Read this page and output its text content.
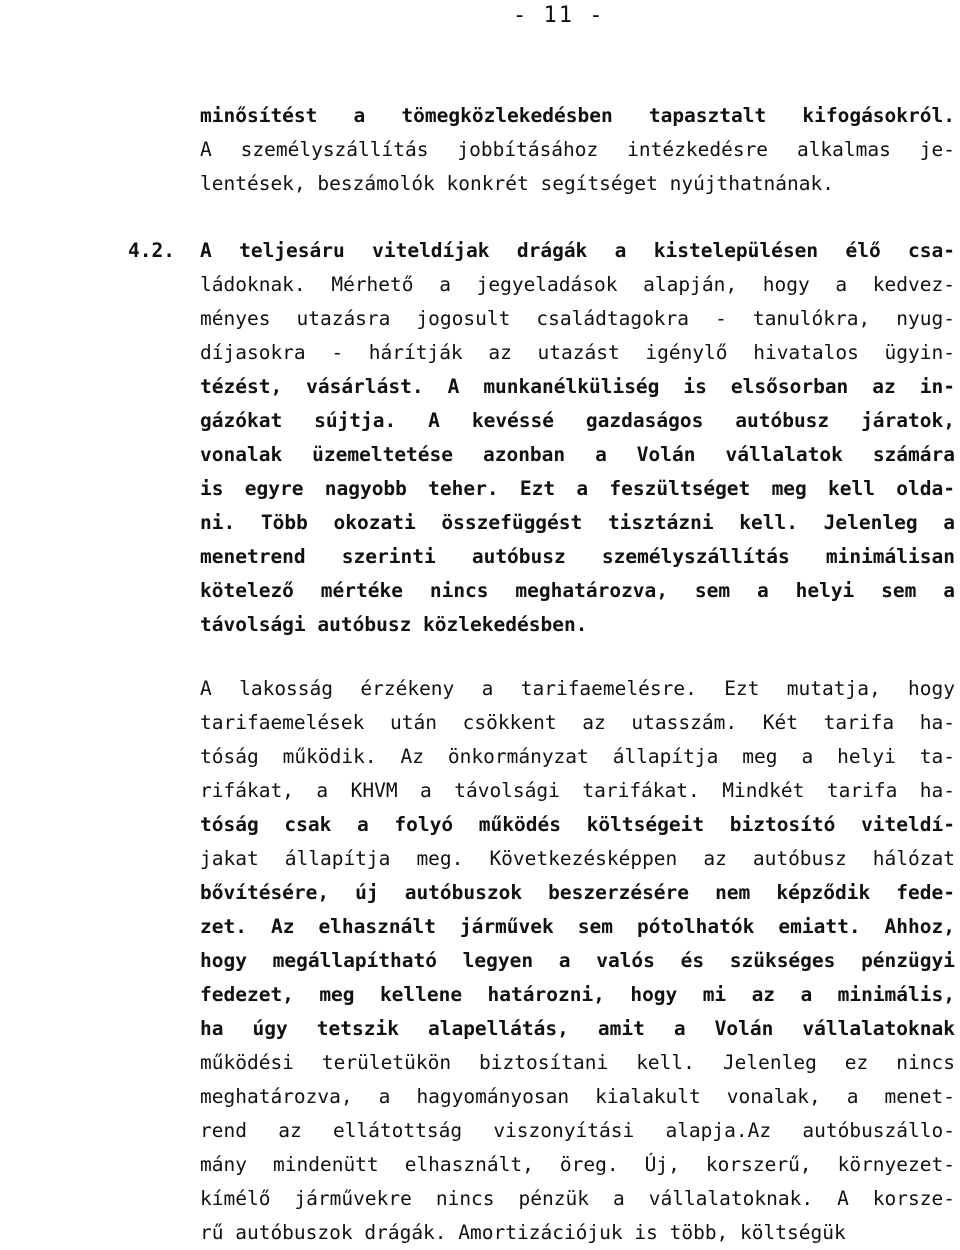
- 11 -
minősítést a tömegközlekedésben tapasztalt kifogásokról.
A személyszállítás jobbításához intézkedésre alkalmas je-
lentések, beszámolók konkrét segítséget nyújthatnának.
4.2.	A teljesáru viteldíjak drágák a kistelepülésen élő csa-
ládoknak. Mérhető a jegyeladások alapján, hogy a kedvez-
ményes utazásra jogosult családtagokra - tanulókra, nyug-
díjasokra - hárítják az utazást igénylő hivatalos ügyin-
tézést, vásárlást. A munkanélküliség is elsősorban az in-
gázókat sújtja. A kevéssé gazdaságos autóbusz járatok,
vonalak üzemeltetése azonban a Volán vállalatok számára
is egyre nagyobb teher. Ezt a feszültséget meg kell olda-
ni. Több okozati összefüggést tisztázni kell. Jelenleg a
menetrend szerinti autóbusz személyszállítás minimálisan
kötelező mértéke nincs meghatározva, sem a helyi sem a
távolsági autóbusz közlekedésben.
A lakosság érzékeny a tarifaemelésre. Ezt mutatja, hogy
tarifaemelések után csökkent az utasszám. Két tarifa ha-
tóság működik. Az önkormányzat állapítja meg a helyi ta-
rifákat, a KHVM a távolsági tarifákat. Mindkét tarifa ha-
tóság csak a folyó működés költségeit biztosító viteldí-
jakat állapítja meg. Következésképpen az autóbusz hálózat
bővítésére, új autóbuszok beszerzésére nem képződik fede-
zet. Az elhasznált járművek sem pótolhatók emiatt. Ahhoz,
hogy megállapítható legyen a valós és szükséges pénzügyi
fedezet, meg kellene határozni, hogy mi az a minimális,
ha úgy tetszik alapellátás, amit a Volán vállalatoknak
működési területükön biztosítani kell. Jelenleg ez nincs
meghatározva, a hagyományosan kialakult vonalak, a menet-
rend az ellátottság viszonyítási alapja.Az autóbuszállo-
mány mindenütt elhasznált, öreg. Új, korszerű, környezet-
kímélő járművekre nincs pénzük a vállalatoknak. A korsze-
rű autóbuszok drágák. Amortizációjuk is több, költségük
